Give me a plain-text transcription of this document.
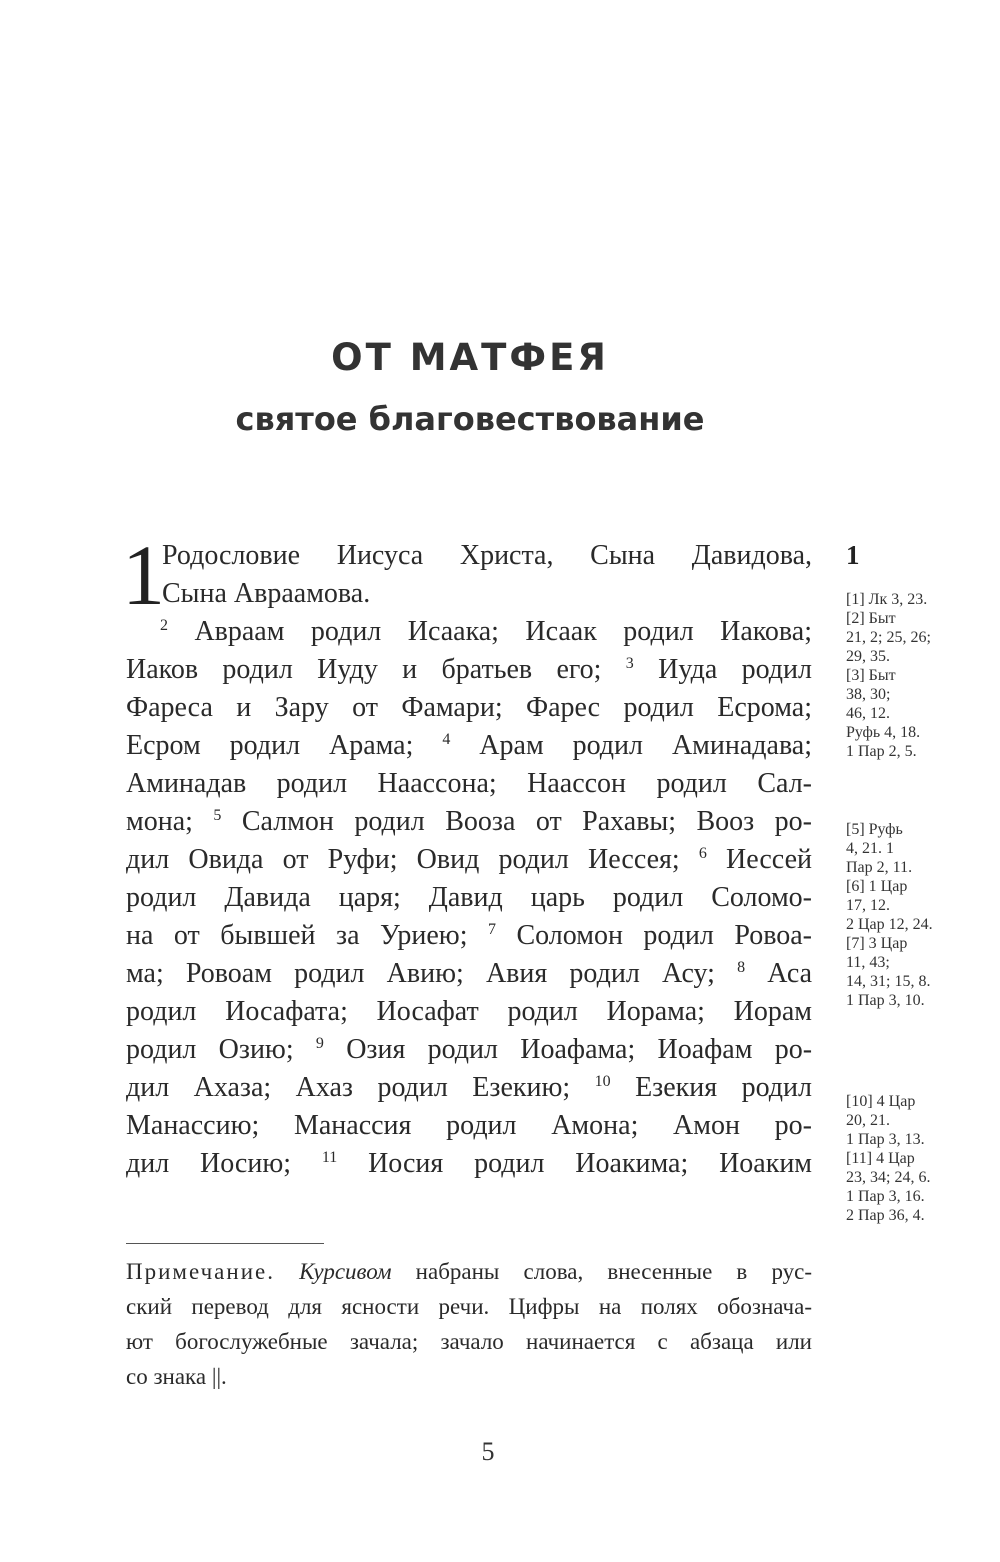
ОТ МАТФЕЯ
святое благовествование
1
Родословие Иисуса Христа, Сына Давидова,
Сына Авраамова.
$^2$ Авраам родил Исаака; Исаак родил Иакова;
Иаков родил Иуду и братьев его; $^3$ Иуда родил
Фареса и Зару от Фамари; Фарес родил Есрома;
Есром родил Арама; $^4$ Арам родил Аминадава;
Аминадав родил Наассона; Наассон родил Сал-
мона; $^5$ Салмон родил Вооза от Рахавы; Вооз ро-
дил Овида от Руфи; Овид родил Иессея; $^6$ Иессей
родил Давида царя; Давид царь родил Соломо-
на от бывшей за Уриею; $^7$ Соломон родил Ровоа-
ма; Ровоам родил Авию; Авия родил Асу; $^8$ Аса
родил Иосафата; Иосафат родил Иорама; Иорам
родил Озию; $^9$ Озия родил Иоафама; Иоафам ро-
дил Ахаза; Ахаз родил Езекию; $^{10}$ Езекия родил
Манассию; Манассия родил Амона; Амон ро-
дил Иосию; $^{11}$ Иосия родил Иоакима; Иоаким
1
[1] Лк 3, 23.
[2] Быт
21, 2; 25, 26;
29, 35.
[3] Быт
38, 30;
46, 12.
Руфь 4, 18.
1 Пар 2, 5.
[5] Руфь
4, 21. 1
Пар 2, 11.
[6] 1 Цар
17, 12.
2 Цар 12, 24.
[7] 3 Цар
11, 43;
14, 31; 15, 8.
1 Пар 3, 10.
[10] 4 Цар
20, 21.
1 Пар 3, 13.
[11] 4 Цар
23, 34; 24, 6.
1 Пар 3, 16.
2 Пар 36, 4.
Примечание. Курсивом набраны слова, внесенные в рус-
ский перевод для ясности речи. Цифры на полях обознача-
ют богослужебные зачала; зачало начинается с абзаца или
со знака ||.
5
